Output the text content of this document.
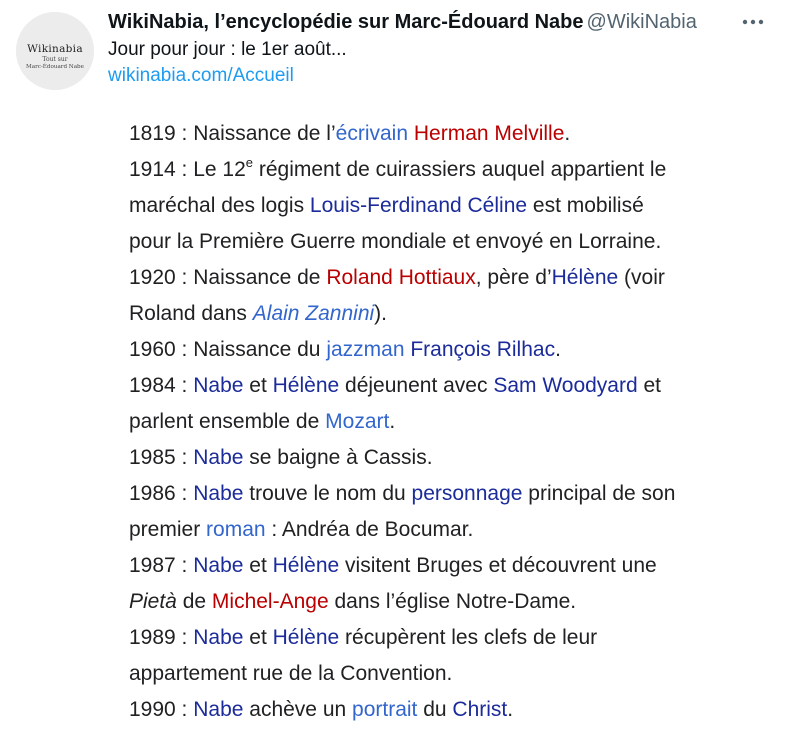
Wikinabia
Tout sur
Marc-Édouard Nabe
WikiNabia, l’encyclopédie sur Marc-Édouard Nabe @WikiNabia
Jour pour jour : le 1er août...
wikinabia.com/Accueil
1819 : Naissance de l’écrivain Herman Melville.
1914 : Le 12e régiment de cuirassiers auquel appartient le
maréchal des logis Louis-Ferdinand Céline est mobilisé
pour la Première Guerre mondiale et envoyé en Lorraine.
1920 : Naissance de Roland Hottiaux, père d’Hélène (voir
Roland dans Alain Zannini).
1960 : Naissance du jazzman François Rilhac.
1984 : Nabe et Hélène déjeunent avec Sam Woodyard et
parlent ensemble de Mozart.
1985 : Nabe se baigne à Cassis.
1986 : Nabe trouve le nom du personnage principal de son
premier roman : Andréa de Bocumar.
1987 : Nabe et Hélène visitent Bruges et découvrent une
Pietà de Michel-Ange dans l’église Notre-Dame.
1989 : Nabe et Hélène récupèrent les clefs de leur
appartement rue de la Convention.
1990 : Nabe achève un portrait du Christ.
